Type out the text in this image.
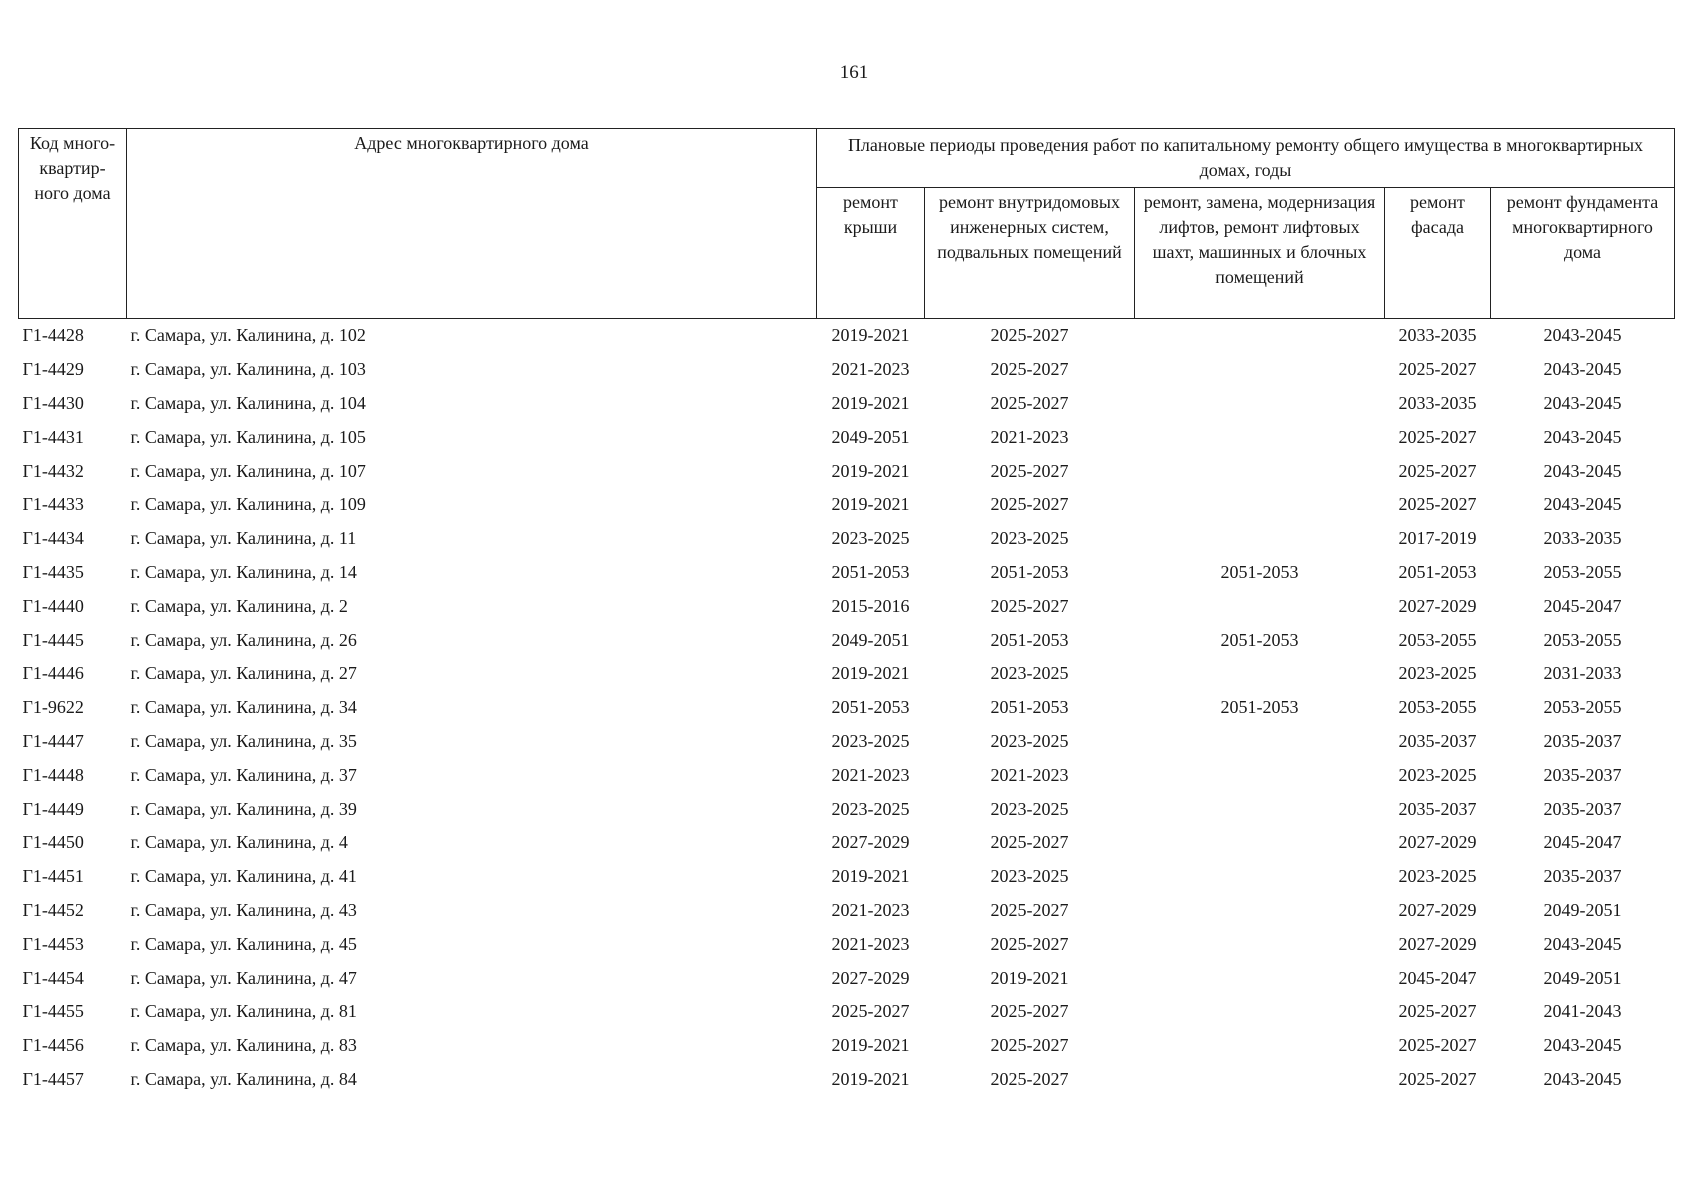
161
Код много-
квартир-
ного дома	Адрес многоквартирного дома	Плановые периоды проведения работ по капитальному ремонту общего имущества в многоквартирных домах, годы				
		ремонт крыши	ремонт внутридомовых инженерных систем, подвальных помещений	ремонт, замена, модернизация лифтов, ремонт лифтовых шахт, машинных и блочных помещений	ремонт фасада	ремонт фундамента многоквартирного дома
Г1-4428	г. Самара, ул. Калинина, д. 102	2019-2021	2025-2027		2033-2035	2043-2045
Г1-4429	г. Самара, ул. Калинина, д. 103	2021-2023	2025-2027		2025-2027	2043-2045
Г1-4430	г. Самара, ул. Калинина, д. 104	2019-2021	2025-2027		2033-2035	2043-2045
Г1-4431	г. Самара, ул. Калинина, д. 105	2049-2051	2021-2023		2025-2027	2043-2045
Г1-4432	г. Самара, ул. Калинина, д. 107	2019-2021	2025-2027		2025-2027	2043-2045
Г1-4433	г. Самара, ул. Калинина, д. 109	2019-2021	2025-2027		2025-2027	2043-2045
Г1-4434	г. Самара, ул. Калинина, д. 11	2023-2025	2023-2025		2017-2019	2033-2035
Г1-4435	г. Самара, ул. Калинина, д. 14	2051-2053	2051-2053	2051-2053	2051-2053	2053-2055
Г1-4440	г. Самара, ул. Калинина, д. 2	2015-2016	2025-2027		2027-2029	2045-2047
Г1-4445	г. Самара, ул. Калинина, д. 26	2049-2051	2051-2053	2051-2053	2053-2055	2053-2055
Г1-4446	г. Самара, ул. Калинина, д. 27	2019-2021	2023-2025		2023-2025	2031-2033
Г1-9622	г. Самара, ул. Калинина, д. 34	2051-2053	2051-2053	2051-2053	2053-2055	2053-2055
Г1-4447	г. Самара, ул. Калинина, д. 35	2023-2025	2023-2025		2035-2037	2035-2037
Г1-4448	г. Самара, ул. Калинина, д. 37	2021-2023	2021-2023		2023-2025	2035-2037
Г1-4449	г. Самара, ул. Калинина, д. 39	2023-2025	2023-2025		2035-2037	2035-2037
Г1-4450	г. Самара, ул. Калинина, д. 4	2027-2029	2025-2027		2027-2029	2045-2047
Г1-4451	г. Самара, ул. Калинина, д. 41	2019-2021	2023-2025		2023-2025	2035-2037
Г1-4452	г. Самара, ул. Калинина, д. 43	2021-2023	2025-2027		2027-2029	2049-2051
Г1-4453	г. Самара, ул. Калинина, д. 45	2021-2023	2025-2027		2027-2029	2043-2045
Г1-4454	г. Самара, ул. Калинина, д. 47	2027-2029	2019-2021		2045-2047	2049-2051
Г1-4455	г. Самара, ул. Калинина, д. 81	2025-2027	2025-2027		2025-2027	2041-2043
Г1-4456	г. Самара, ул. Калинина, д. 83	2019-2021	2025-2027		2025-2027	2043-2045
Г1-4457	г. Самара, ул. Калинина, д. 84	2019-2021	2025-2027		2025-2027	2043-2045
